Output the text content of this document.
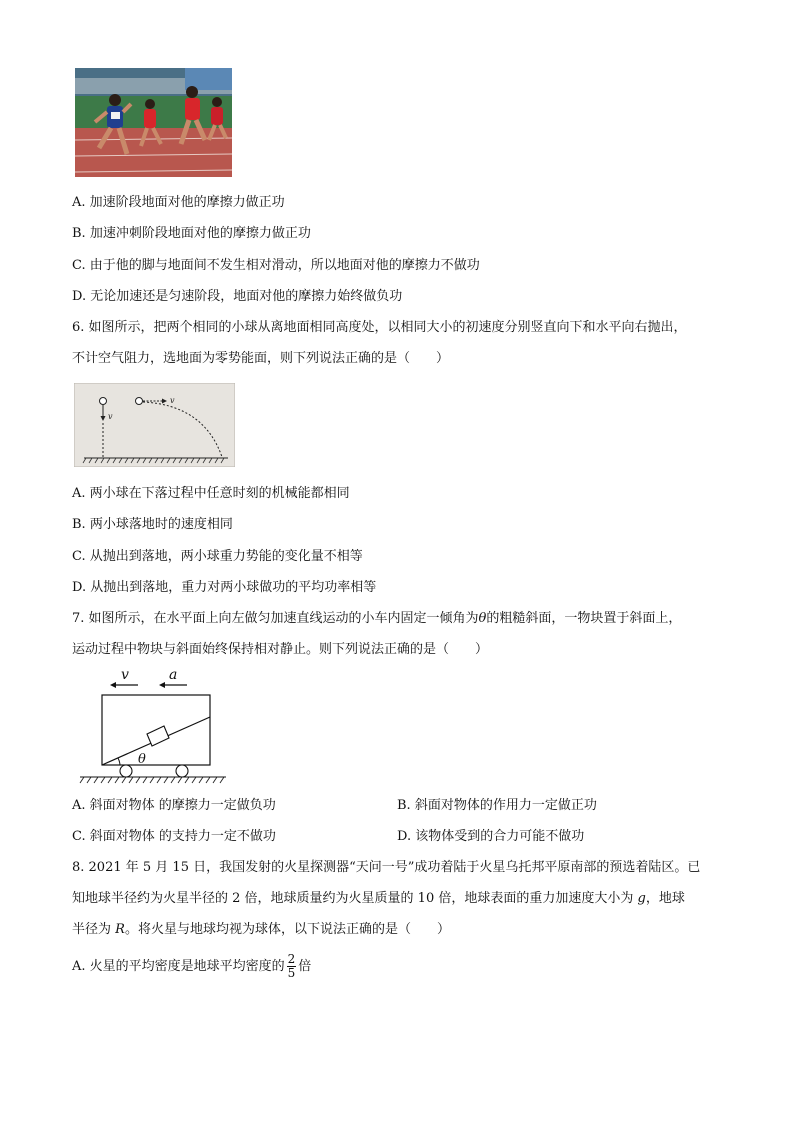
A. 加速阶段地面对他的摩擦力做正功
B. 加速冲刺阶段地面对他的摩擦力做正功
C. 由于他的脚与地面间不发生相对滑动，所以地面对他的摩擦力不做功
D. 无论加速还是匀速阶段，地面对他的摩擦力始终做负功
6. 如图所示，把两个相同的小球从离地面相同高度处，以相同大小的初速度分别竖直向下和水平向右抛出，
不计空气阻力，选地面为零势能面，则下列说法正确的是（　　）
v
v
A. 两小球在下落过程中任意时刻的机械能都相同
B. 两小球落地时的速度相同
C. 从抛出到落地，两小球重力势能的变化量不相等
D. 从抛出到落地，重力对两小球做功的平均功率相等
7. 如图所示，在水平面上向左做匀加速直线运动的小车内固定一倾角为θ的粗糙斜面，一物块置于斜面上，
运动过程中物块与斜面始终保持相对静止。则下列说法正确的是（　　）
v	a
θ
A. 斜面对物体 的摩擦力一定做负功	B. 斜面对物体的作用力一定做正功
C. 斜面对物体 的支持力一定不做功	D. 该物体受到的合力可能不做功
8. 2021 年 5 月 15 日，我国发射的火星探测器“天问一号”成功着陆于火星乌托邦平原南部的预选着陆区。已
知地球半径约为火星半径的 2 倍，地球质量约为火星质量的 10 倍，地球表面的重力加速度大小为 g，地球
半径为 R。将火星与地球均视为球体，以下说法正确的是（　　）
A. 火星的平均密度是地球平均密度的 $\frac{2}{5}$ 倍
